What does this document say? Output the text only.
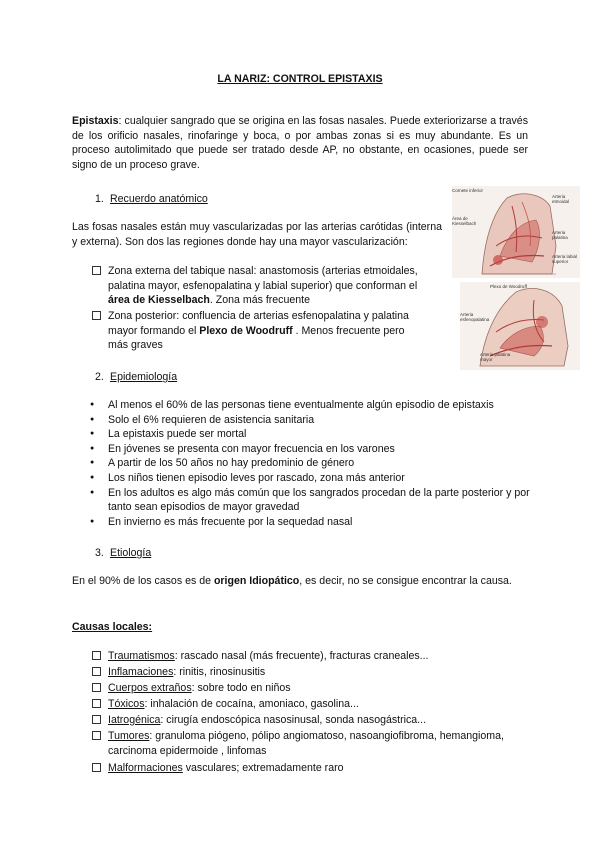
LA NARIZ: CONTROL EPISTAXIS
Epistaxis: cualquier sangrado que se origina en las fosas nasales. Puede exteriorizarse a través de los orificio nasales, rinofaringe y boca, o por ambas zonas si es muy abundante. Es un proceso autolimitado que puede ser tratado desde AP, no obstante, en ocasiones, puede ser signo de un proceso grave.
1. Recuerdo anatómico
Las fosas nasales están muy vascularizadas por las arterias carótidas (interna y externa). Son dos las regiones donde hay una mayor vascularización:
Zona externa del tabique nasal: anastomosis (arterias etmoidales,
palatina mayor, esfenopalatina y labial superior) que conforman el
área de Kiesselbach. Zona más frecuente
Zona posterior: confluencia de arterias esfenopalatina y palatina
mayor formando el Plexo de Woodruff . Menos frecuente pero
más graves
Cornete inferior
Área de Kiesselbach
Arteria etmoidal
Arteria palatina
Arteria labial superior
Plexo de Woodruff
Arteria esfenopalatina
Arteria palatina mayor
2. Epidemiología
● Al menos el 60% de las personas tiene eventualmente algún episodio de epistaxis
● Solo el 6% requieren de asistencia sanitaria
● La epistaxis puede ser mortal
● En jóvenes se presenta con mayor frecuencia en los varones
● A partir de los 50 años no hay predominio de género
● Los niños tienen episodio leves por rascado, zona más anterior
● En los adultos es algo más común que los sangrados procedan de la parte posterior y por tanto sean episodios de mayor gravedad
● En invierno es más frecuente por la sequedad nasal
3. Etiología
En el 90% de los casos es de origen Idiopático, es decir, no se consigue encontrar la causa.
Causas locales:
Traumatismos: rascado nasal (más frecuente), fracturas craneales...
Inflamaciones: rinitis, rinosinusitis
Cuerpos extraños: sobre todo en niños
Tóxicos: inhalación de cocaína, amoniaco, gasolina...
Iatrogénica: cirugía endoscópica nasosinusal, sonda nasogástrica...
Tumores: granuloma piógeno, pólipo angiomatoso, nasoangiofibroma, hemangioma,
carcinoma epidermoide , linfomas
Malformaciones vasculares; extremadamente raro
